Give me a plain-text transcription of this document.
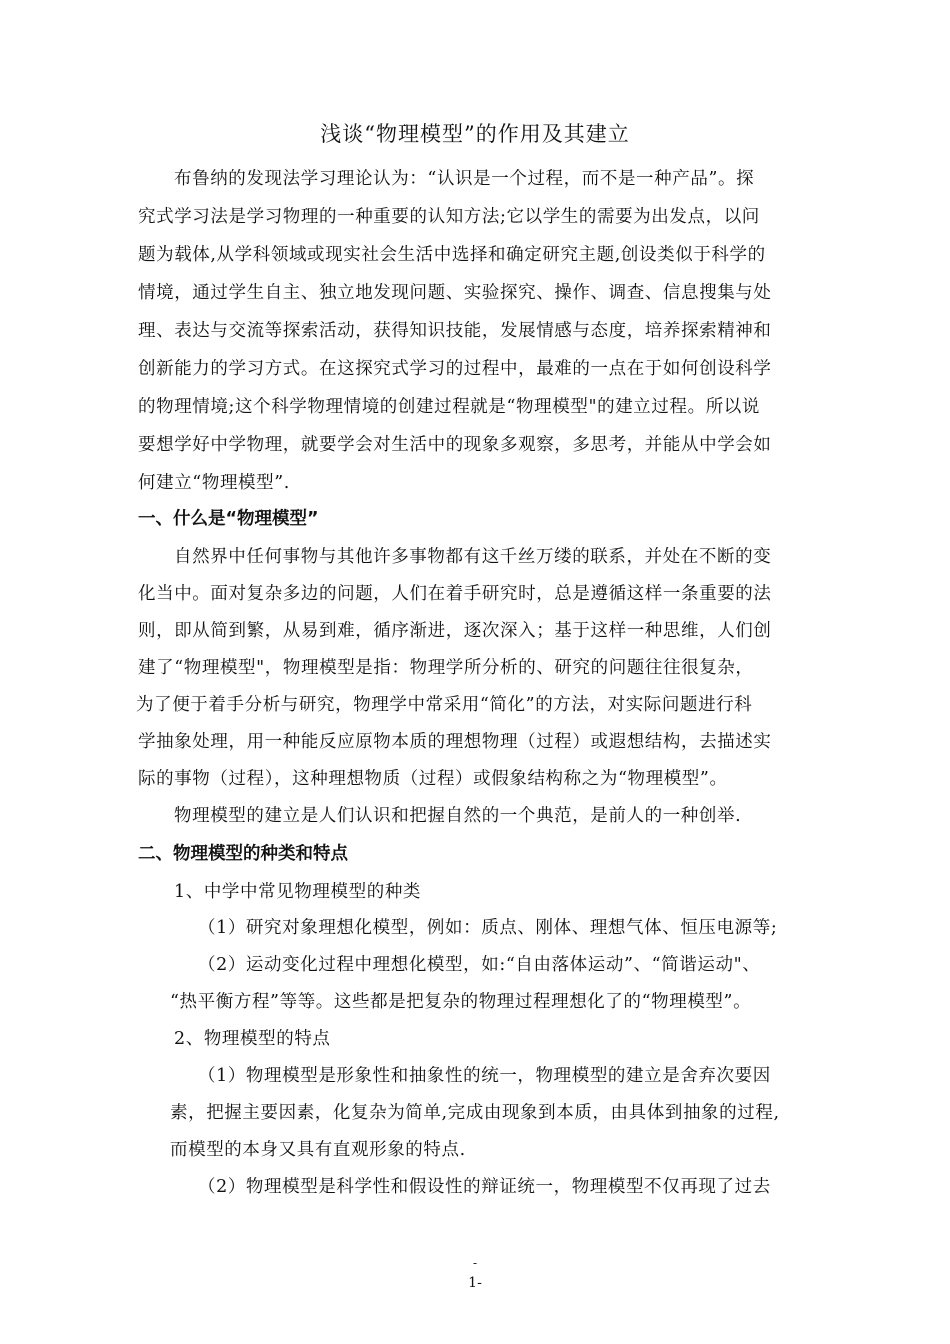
浅谈“物理模型”的作用及其建立
布鲁纳的发现法学习理论认为：“认识是一个过程，而不是一种产品”。探
究式学习法是学习物理的一种重要的认知方法;它以学生的需要为出发点，以问
题为载体,从学科领域或现实社会生活中选择和确定研究主题,创设类似于科学的
情境，通过学生自主、独立地发现问题、实验探究、操作、调查、信息搜集与处
理、表达与交流等探索活动，获得知识技能，发展情感与态度，培养探索精神和
创新能力的学习方式。在这探究式学习的过程中，最难的一点在于如何创设科学
的物理情境;这个科学物理情境的创建过程就是“物理模型"的建立过程。所以说
要想学好中学物理，就要学会对生活中的现象多观察，多思考，并能从中学会如
何建立“物理模型”.
一、什么是“物理模型”
自然界中任何事物与其他许多事物都有这千丝万缕的联系，并处在不断的变
化当中。面对复杂多边的问题，人们在着手研究时，总是遵循这样一条重要的法
则，即从简到繁，从易到难，循序渐进，逐次深入；基于这样一种思维，人们创
建了“物理模型"，物理模型是指：物理学所分析的、研究的问题往往很复杂，
为了便于着手分析与研究，物理学中常采用“简化”的方法，对实际问题进行科
学抽象处理，用一种能反应原物本质的理想物理（过程）或遐想结构，去描述实
际的事物（过程），这种理想物质（过程）或假象结构称之为“物理模型”。
物理模型的建立是人们认识和把握自然的一个典范，是前人的一种创举.
二、物理模型的种类和特点
1、中学中常见物理模型的种类
（1）研究对象理想化模型，例如：质点、刚体、理想气体、恒压电源等;
（2）运动变化过程中理想化模型，如:“自由落体运动”、“简谐运动"、
“热平衡方程”等等。这些都是把复杂的物理过程理想化了的“物理模型”。
2、物理模型的特点
（1）物理模型是形象性和抽象性的统一，物理模型的建立是舍弃次要因
素，把握主要因素，化复杂为简单,完成由现象到本质，由具体到抽象的过程,
而模型的本身又具有直观形象的特点.
（2）物理模型是科学性和假设性的辩证统一，物理模型不仅再现了过去
-
1-
